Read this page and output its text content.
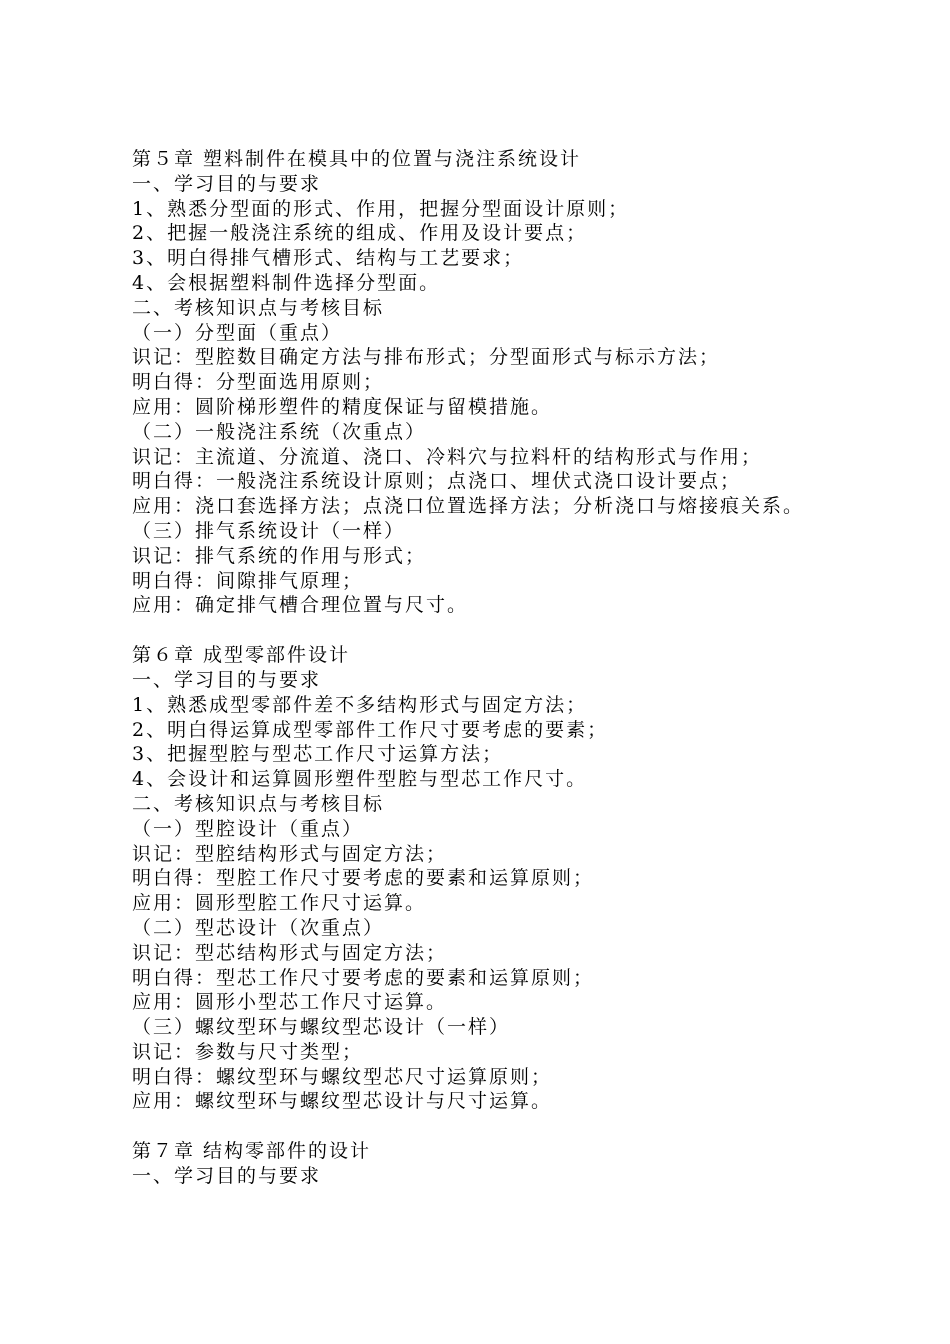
第５章 塑料制件在模具中的位置与浇注系统设计
一、学习目的与要求
1、熟悉分型面的形式、作用，把握分型面设计原则；
2、把握一般浇注系统的组成、作用及设计要点；
3、明白得排气槽形式、结构与工艺要求；
4、会根据塑料制件选择分型面。
二、考核知识点与考核目标
（一）分型面（重点）
识记：型腔数目确定方法与排布形式；分型面形式与标示方法；
明白得：分型面选用原则；
应用：圆阶梯形塑件的精度保证与留模措施。
（二）一般浇注系统（次重点）
识记：主流道、分流道、浇口、冷料穴与拉料杆的结构形式与作用；
明白得：一般浇注系统设计原则；点浇口、埋伏式浇口设计要点；
应用：浇口套选择方法；点浇口位置选择方法；分析浇口与熔接痕关系。
（三）排气系统设计（一样）
识记：排气系统的作用与形式；
明白得：间隙排气原理；
应用：确定排气槽合理位置与尺寸。
第６章 成型零部件设计
一、学习目的与要求
1、熟悉成型零部件差不多结构形式与固定方法；
2、明白得运算成型零部件工作尺寸要考虑的要素；
3、把握型腔与型芯工作尺寸运算方法；
4、会设计和运算圆形塑件型腔与型芯工作尺寸。
二、考核知识点与考核目标
（一）型腔设计（重点）
识记：型腔结构形式与固定方法；
明白得：型腔工作尺寸要考虑的要素和运算原则；
应用：圆形型腔工作尺寸运算。
（二）型芯设计（次重点）
识记：型芯结构形式与固定方法；
明白得：型芯工作尺寸要考虑的要素和运算原则；
应用：圆形小型芯工作尺寸运算。
（三）螺纹型环与螺纹型芯设计（一样）
识记：参数与尺寸类型；
明白得：螺纹型环与螺纹型芯尺寸运算原则；
应用：螺纹型环与螺纹型芯设计与尺寸运算。
第７章 结构零部件的设计
一、学习目的与要求
